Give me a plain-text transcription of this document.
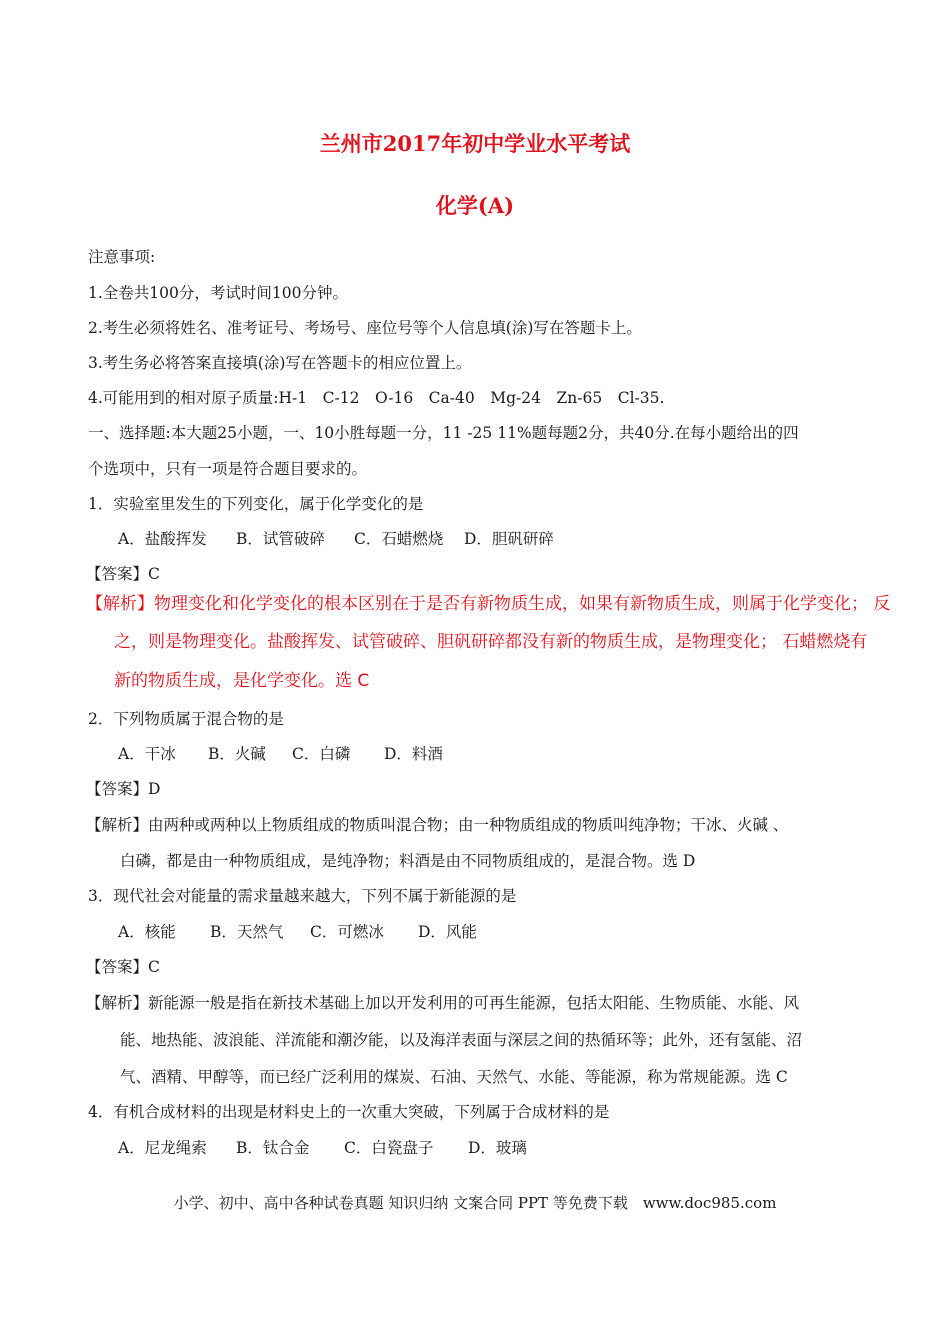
兰州市2017年初中学业水平考试
化学(A)
注意事项:
1.全卷共100分，考试时间100分钟。
2.考生必须将姓名、准考证号、考场号、座位号等个人信息填(涂)写在答题卡上。
3.考生务必将答案直接填(涂)写在答题卡的相应位置上。
4.可能用到的相对原子质量:H-1　C-12　O-16　Ca-40　Mg-24　Zn-65　Cl-35.
一、选择题:本大题25小题，一、10小胜每题一分，11 -25 11%题每题2分，共40分.在每小题给出的四
个选项中，只有一项是符合题目要求的。
1．实验室里发生的下列变化，属于化学变化的是
A．盐酸挥发 B．试管破碎 C．石蜡燃烧 D．胆矾研碎
【答案】C
【解析】物理变化和化学变化的根本区别在于是否有新物质生成，如果有新物质生成，则属于化学变化； 反
之，则是物理变化。盐酸挥发、试管破碎、胆矾研碎都没有新的物质生成，是物理变化； 石蜡燃烧有
新的物质生成，是化学变化。选 C
2．下列物质属于混合物的是
A．干冰 B．火碱 C．白磷 D．料酒
【答案】D
【解析】由两种或两种以上物质组成的物质叫混合物；由一种物质组成的物质叫纯净物；干冰、火碱 、
白磷，都是由一种物质组成，是纯净物；料酒是由不同物质组成的，是混合物。选 D
3．现代社会对能量的需求量越来越大，下列不属于新能源的是
A．核能 B．天然气 C．可燃冰 D．风能
【答案】C
【解析】新能源一般是指在新技术基础上加以开发利用的可再生能源，包括太阳能、生物质能、水能、风
能、地热能、波浪能、洋流能和潮汐能，以及海洋表面与深层之间的热循环等；此外，还有氢能、沼
气、酒精、甲醇等，而已经广泛利用的煤炭、石油、天然气、水能、等能源，称为常规能源。选 C
4．有机合成材料的出现是材料史上的一次重大突破，下列属于合成材料的是
A．尼龙绳索 B．钛合金 C．白瓷盘子 D．玻璃
小学、初中、高中各种试卷真题 知识归纳 文案合同 PPT 等免费下载　www.doc985.com
